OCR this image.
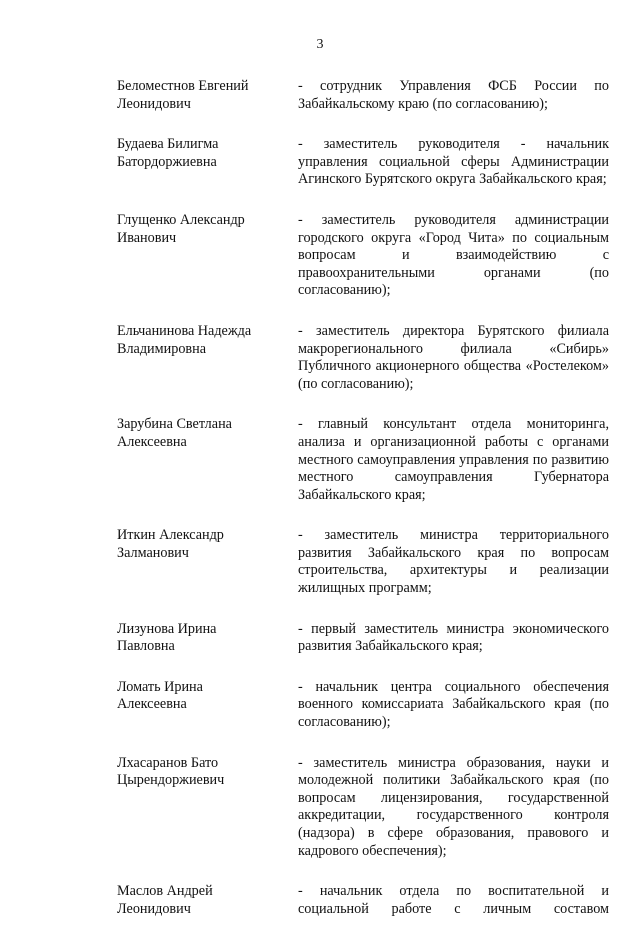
3
Беломестнов Евгений
Леонидович
- сотрудник Управления ФСБ России по Забайкальскому краю (по согласованию);
Будаева Билигма
Батордоржиевна
- заместитель руководителя - начальник управления социальной сферы Администрации Агинского Бурятского округа Забайкальского края;
Глущенко Александр
Иванович
- заместитель руководителя администрации городского округа «Город Чита» по социальным вопросам и взаимодействию с правоохранительными органами (по согласованию);
Ельчанинова Надежда
Владимировна
- заместитель директора Бурятского филиала макрорегионального филиала «Сибирь» Публичного акционерного общества «Ростелеком» (по согласованию);
Зарубина Светлана
Алексеевна
- главный консультант отдела мониторинга, анализа и организационной работы с органами местного самоуправления управления по развитию местного самоуправления Губернатора Забайкальского края;
Иткин Александр
Залманович
- заместитель министра территориального развития Забайкальского края по вопросам строительства, архитектуры и реализации жилищных программ;
Лизунова Ирина
Павловна
- первый заместитель министра экономического развития Забайкальского края;
Ломать Ирина
Алексеевна
- начальник центра социального обеспечения военного комиссариата Забайкальского края (по согласованию);
Лхасаранов Бато
Цырендоржиевич
- заместитель министра образования, науки и молодежной политики Забайкальского края (по вопросам лицензирования, государственной аккредитации, государственного контроля (надзора) в сфере образования, правового и кадрового обеспечения);
Маслов Андрей
Леонидович
- начальник отдела по воспитательной и социальной работе с личным составом
